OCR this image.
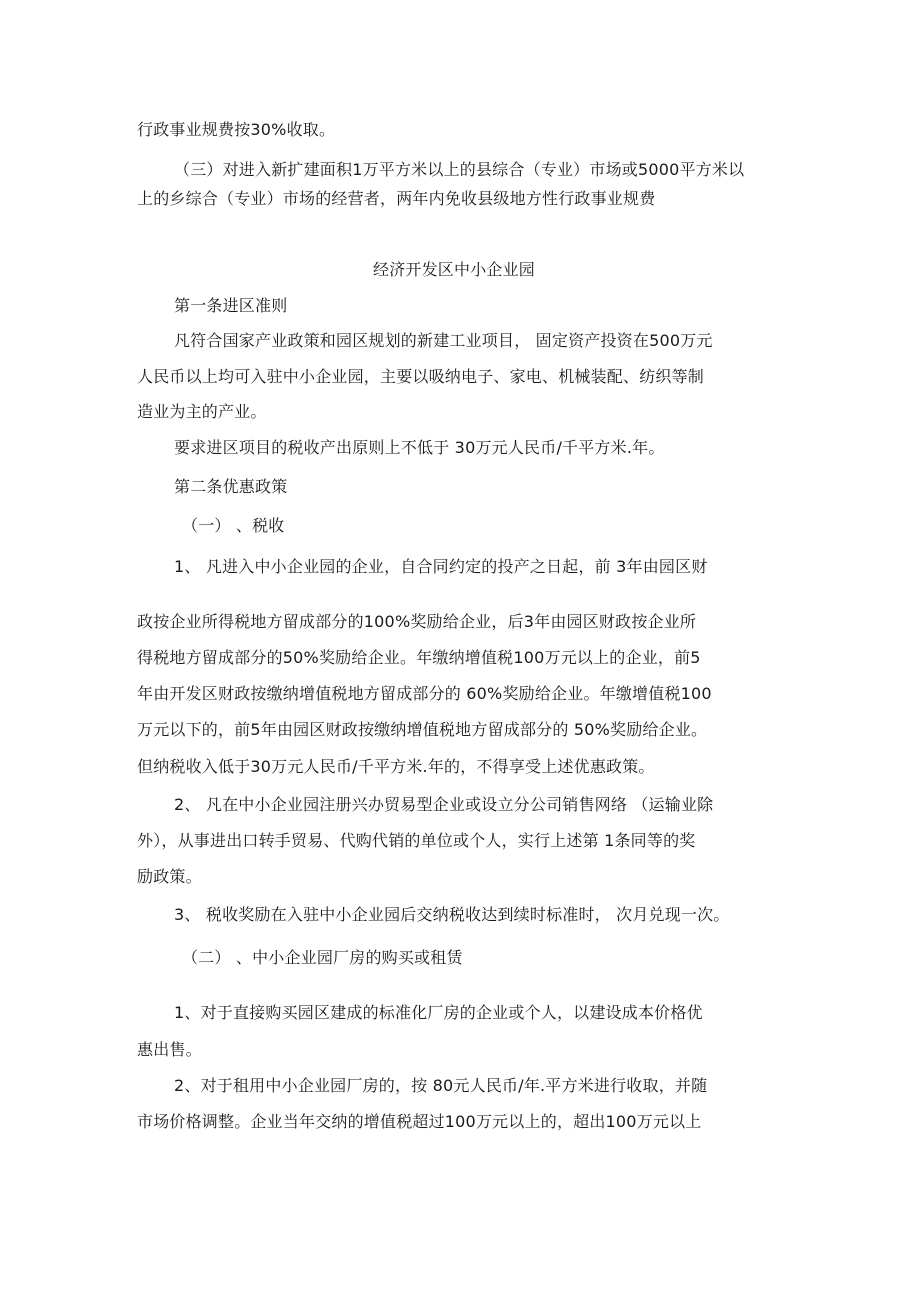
行政事业规费按30%收取。
（三）对进入新扩建面积1万平方米以上的县综合（专业）市场或5000平方米以
上的乡综合（专业）市场的经营者，两年内免收县级地方性行政事业规费
经济开发区中小企业园
第一条进区准则
凡符合国家产业政策和园区规划的新建工业项目， 固定资产投资在500万元
人民币以上均可入驻中小企业园，主要以吸纳电子、家电、机械装配、纺织等制
造业为主的产业。
要求进区项目的税收产出原则上不低于 30万元人民币/千平方米.年。
第二条优惠政策
（一） 、税收
1、 凡进入中小企业园的企业，自合同约定的投产之日起，前 3年由园区财
政按企业所得税地方留成部分的100%奖励给企业，后3年由园区财政按企业所
得税地方留成部分的50%奖励给企业。年缴纳增值税100万元以上的企业，前5
年由开发区财政按缴纳增值税地方留成部分的 60%奖励给企业。年缴增值税100
万元以下的，前5年由园区财政按缴纳增值税地方留成部分的 50%奖励给企业。
但纳税收入低于30万元人民币/千平方米.年的，不得享受上述优惠政策。
2、 凡在中小企业园注册兴办贸易型企业或设立分公司销售网络 （运输业除
外），从事进出口转手贸易、代购代销的单位或个人，实行上述第 1条同等的奖
励政策。
3、 税收奖励在入驻中小企业园后交纳税收达到续时标准时， 次月兑现一次。
（二） 、中小企业园厂房的购买或租赁
1、对于直接购买园区建成的标准化厂房的企业或个人，以建设成本价格优
惠出售。
2、对于租用中小企业园厂房的，按 80元人民币/年.平方米进行收取，并随
市场价格调整。企业当年交纳的增值税超过100万元以上的，超出100万元以上
